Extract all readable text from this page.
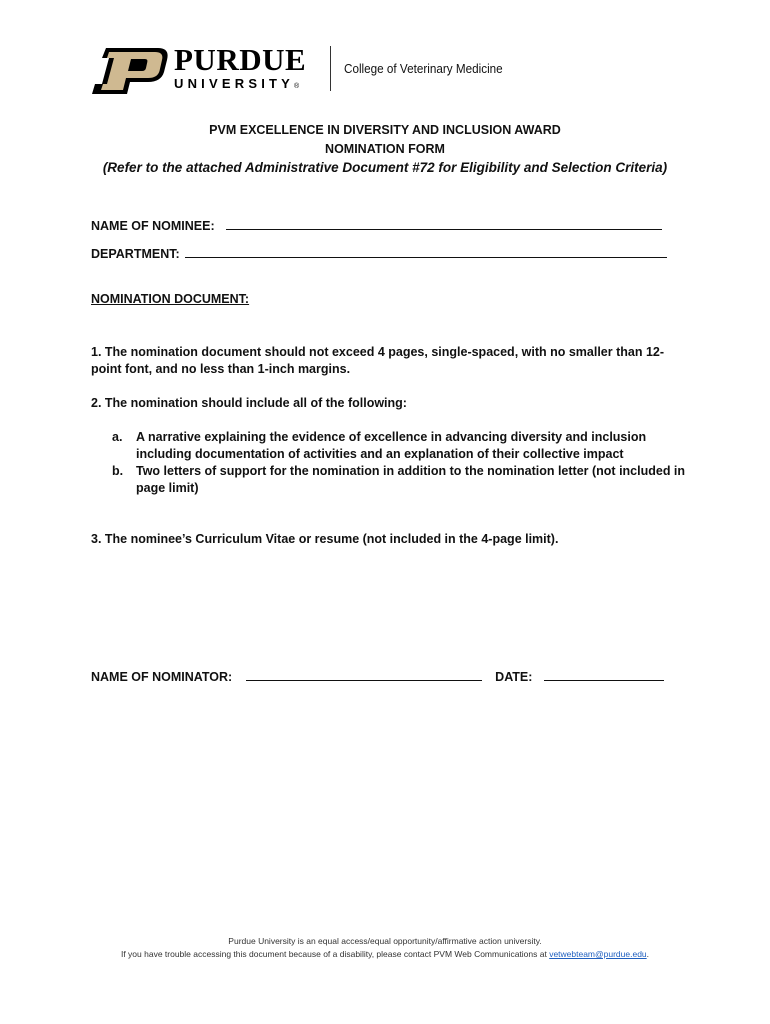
PURDUE
UNIVERSITY®
College of Veterinary Medicine
PVM EXCELLENCE IN DIVERSITY AND INCLUSION AWARD
NOMINATION FORM
(Refer to the attached Administrative Document #72 for Eligibility and Selection Criteria)
NAME OF NOMINEE:
DEPARTMENT:
NOMINATION DOCUMENT:
1. The nomination document should not exceed 4 pages, single-spaced, with no smaller than 12-point font, and no less than 1-inch margins.
2. The nomination should include all of the following:
a. A narrative explaining the evidence of excellence in advancing diversity and inclusion including documentation of activities and an explanation of their collective impact
b. Two letters of support for the nomination in addition to the nomination letter (not included in page limit)
3. The nominee’s Curriculum Vitae or resume (not included in the 4-page limit).
NAME OF NOMINATOR:	DATE:
Purdue University is an equal access/equal opportunity/affirmative action university.
If you have trouble accessing this document because of a disability, please contact PVM Web Communications at vetwebteam@purdue.edu.
